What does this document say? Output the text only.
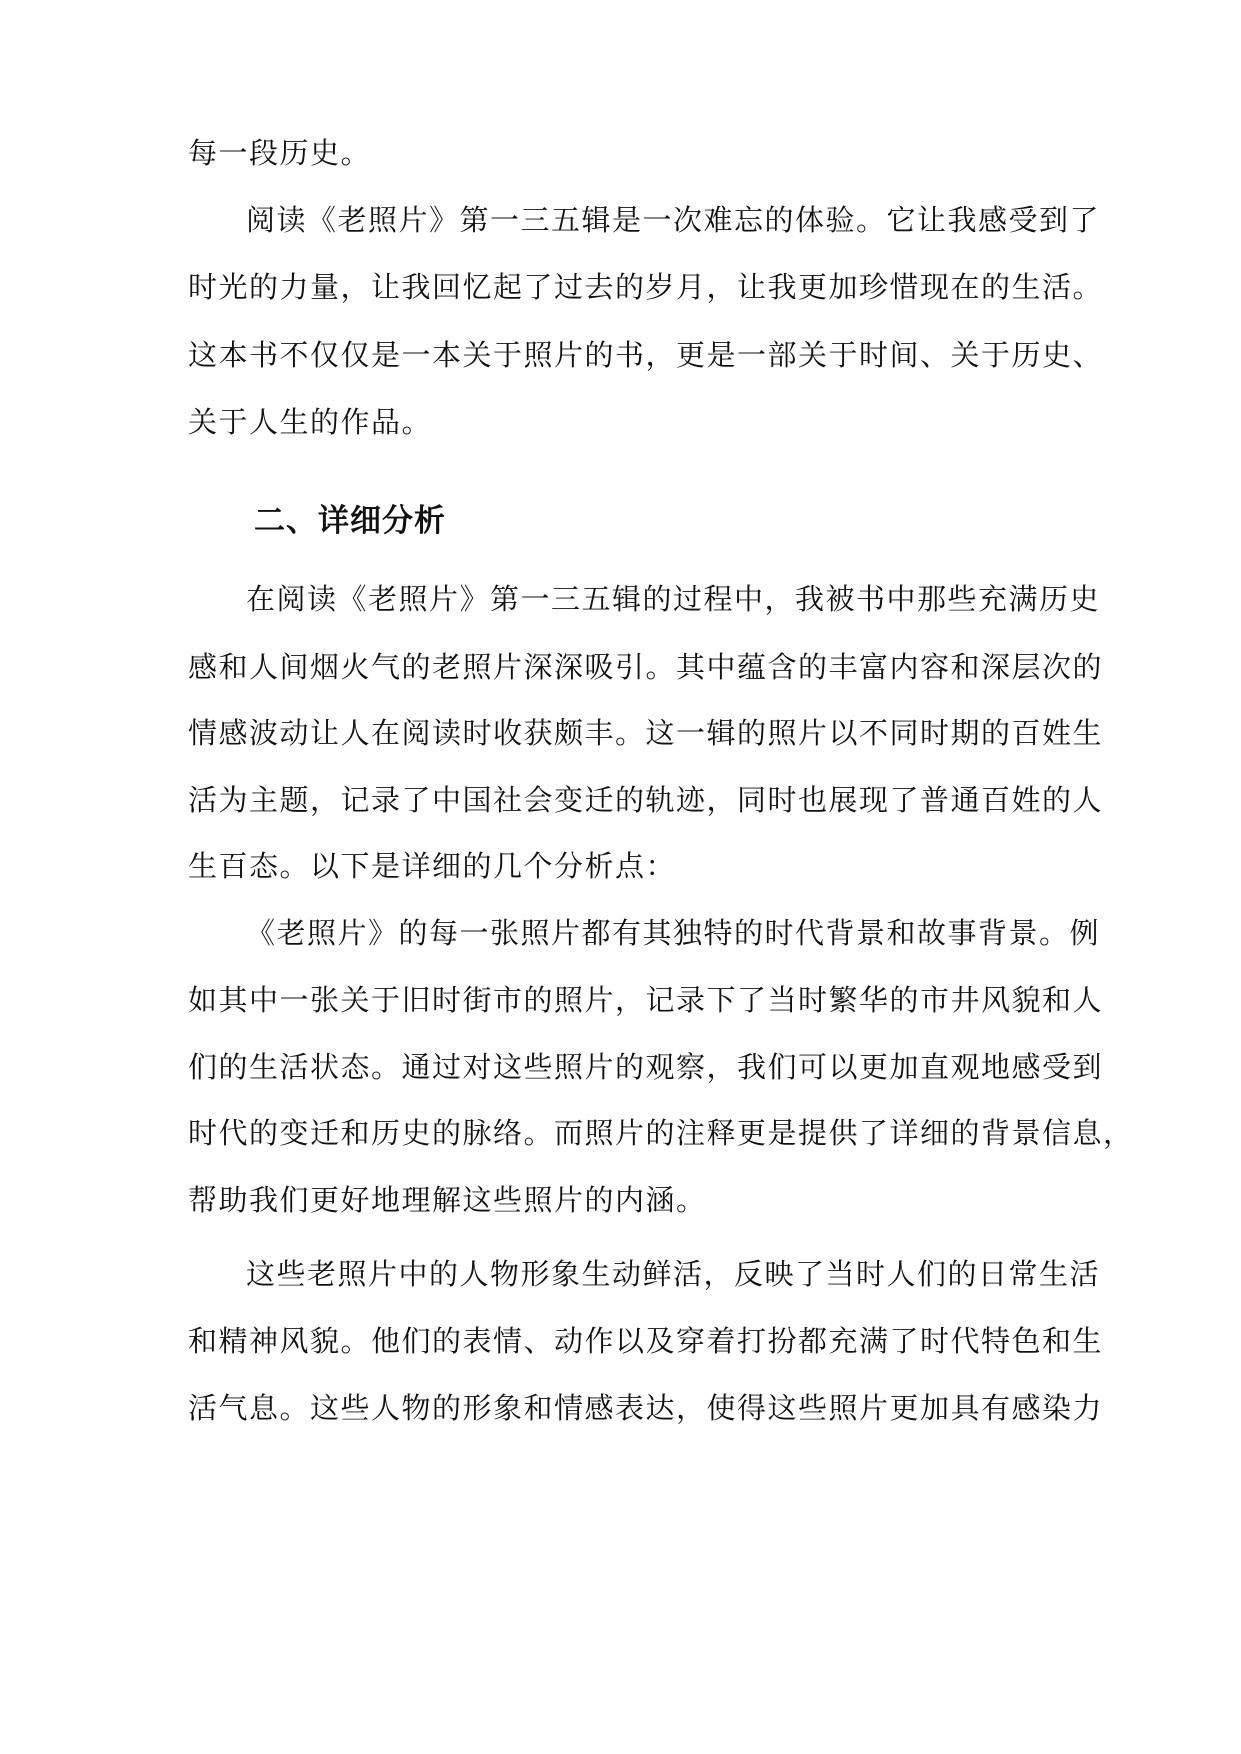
每一段历史。
阅读《老照片》第一三五辑是一次难忘的体验。它让我感受到了
时光的力量，让我回忆起了过去的岁月，让我更加珍惜现在的生活。
这本书不仅仅是一本关于照片的书，更是一部关于时间、关于历史、
关于人生的作品。
二、详细分析
在阅读《老照片》第一三五辑的过程中，我被书中那些充满历史
感和人间烟火气的老照片深深吸引。其中蕴含的丰富内容和深层次的
情感波动让人在阅读时收获颇丰。这一辑的照片以不同时期的百姓生
活为主题，记录了中国社会变迁的轨迹，同时也展现了普通百姓的人
生百态。以下是详细的几个分析点：
《老照片》的每一张照片都有其独特的时代背景和故事背景。例
如其中一张关于旧时街市的照片，记录下了当时繁华的市井风貌和人
们的生活状态。通过对这些照片的观察，我们可以更加直观地感受到
时代的变迁和历史的脉络。而照片的注释更是提供了详细的背景信息，
帮助我们更好地理解这些照片的内涵。
这些老照片中的人物形象生动鲜活，反映了当时人们的日常生活
和精神风貌。他们的表情、动作以及穿着打扮都充满了时代特色和生
活气息。这些人物的形象和情感表达，使得这些照片更加具有感染力
